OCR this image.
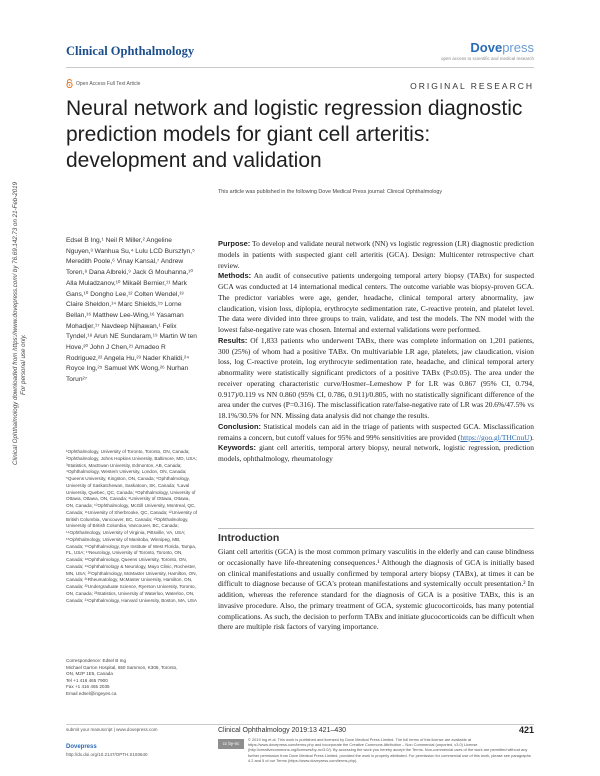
Clinical Ophthalmology	Dovepress
open access to scientific and medical research
Open Access Full Text Article	ORIGINAL RESEARCH
Neural network and logistic regression diagnostic prediction models for giant cell arteritis: development and validation
Clinical Ophthalmology downloaded from https://www.dovepress.com/ by 76.69.142.73 on 21-Feb-2019 For personal use only.
This article was published in the following Dove Medical Press journal: Clinical Ophthalmology
Edsel B Ing,¹ Neil R Miller,² Angeline Nguyen,³ Wanhua Su,⁴ Lulu LCD Bursztyn,⁵ Meredith Poole,⁶ Vinay Kansal,⁷ Andrew Toren,⁸ Dana Albreki,⁹ Jack G Mouhanna,¹⁰ Alla Muladzanov,¹⁰ Mikaël Bernier,¹¹ Mark Gans,¹⁰ Dongho Lee,¹² Colten Wendel,¹³ Claire Sheldon,¹⁴ Marc Shields,¹⁵ Lorne Bellan,¹⁶ Matthew Lee-Wing,¹⁶ Yasaman Mohadjer,¹⁷ Navdeep Nijhawan,¹ Felix Tyndel,¹⁸ Arun NE Sundaram,¹⁹ Martin W ten Hove,²⁰ John J Chen,²¹ Amadeo R Rodriguez,²² Angela Hu,²³ Nader Khalidi,²⁴ Royce Ing,²⁵ Samuel WK Wong,²⁶ Nurhan Torun²⁷
¹Ophthalmology, University of Toronto, Toronto, ON, Canada; ²Ophthalmology, Johns Hopkins University, Baltimore, MD, USA; ³Statistics, MacEwan University, Edmonton, AB, Canada; ⁴Ophthalmology, Western University, London, ON, Canada; ⁵Queens University, Kingston, ON, Canada; ⁶Ophthalmology, University of Saskatchewan, Saskatoon, SK, Canada; ⁷Laval University, Quebec, QC, Canada; ⁸Ophthalmology, University of Ottawa, Ottawa, ON, Canada; ⁹University of Ottawa, Ottawa, ON, Canada; ¹⁰Ophthalmology, McGill University, Montreal, QC, Canada; ¹¹University of Sherbrooke, QC, Canada; ¹²University of British Columbia, Vancouver, BC, Canada; ¹³Ophthalmology, University of British Columbia, Vancouver, BC, Canada; ¹⁴Ophthalmology, University of Virginia, Pittsville, VA, USA; ¹⁵Ophthalmology, University of Manitoba, Winnipeg, MB, Canada; ¹⁶Ophthalmology, Eye Institute of West Florida, Tampa, FL, USA; ¹⁷Neurology, University of Toronto, Toronto, ON, Canada; ¹⁸Ophthalmology, Queens University, Toronto, ON, Canada; ¹⁹Ophthalmology & Neurology, Mayo Clinic, Rochester, MN, USA; ²⁰Ophthalmology, McMaster University, Hamilton, ON, Canada; ²¹Rheumatology, McMaster University, Hamilton, ON, Canada; ²²Undergraduate Science, Ryerson University, Toronto, ON, Canada; ²³Statistics, University of Waterloo, Waterloo, ON, Canada; ²⁴Ophthalmology, Harvard University, Boston, MA, USA
Correspondence: Edsel B Ing
Michael Garron Hospital, 650 Sammon, K306, Toronto,
ON, M2P 1E5, Canada
Tel +1 416 465 7900
Fax +1 416 465 2035
Email edsel@ingeyes.ca

Purpose: To develop and validate neural network (NN) vs logistic regression (LR) diagnostic prediction models in patients with suspected giant cell arteritis (GCA). Design: Multicenter retrospective chart review.

Methods: An audit of consecutive patients undergoing temporal artery biopsy (TABx) for suspected GCA was conducted at 14 international medical centers. The outcome variable was biopsy-proven GCA. The predictor variables were age, gender, headache, clinical temporal artery abnormality, jaw claudication, vision loss, diplopia, erythrocyte sedimentation rate, C-reactive protein, and platelet level. The data were divided into three groups to train, validate, and test the models. The NN model with the lowest false-negative rate was chosen. Internal and external validations were performed.

Results: Of 1,833 patients who underwent TABx, there was complete information on 1,201 patients, 300 (25%) of whom had a positive TABx. On multivariable LR age, platelets, jaw claudication, vision loss, log C-reactive protein, log erythrocyte sedimentation rate, headache, and clinical temporal artery abnormality were statistically significant predictors of a positive TABx (P≤0.05). The area under the receiver operating characteristic curve/Hosmer–Lemeshow P for LR was 0.867 (95% CI, 0.794, 0.917)/0.119 vs NN 0.860 (95% CI, 0.786, 0.911)/0.805, with no statistically significant difference of the area under the curves (P=0.316). The misclassification rate/false-negative rate of LR was 20.6%/47.5% vs 18.1%/30.5% for NN. Missing data analysis did not change the results.

Conclusion: Statistical models can aid in the triage of patients with suspected GCA. Misclassification remains a concern, but cutoff values for 95% and 99% sensitivities are provided (https://goo.gl/THCnuU).

Keywords: giant cell arteritis, temporal artery biopsy, neural network, logistic regression, prediction models, ophthalmology, rheumatology

Introduction

Giant cell arteritis (GCA) is the most common primary vasculitis in the elderly and can cause blindness or occasionally have life-threatening consequences.¹ Although the diagnosis of GCA is initially based on clinical manifestations and usually confirmed by temporal artery biopsy (TABx), at times it can be difficult to diagnose because of GCA's protean manifestations and systemically occult presentation.² In addition, whereas the reference standard for the diagnosis of GCA is a positive TABx, this is an invasive procedure. Also, the primary treatment of GCA, systemic glucocorticoids, has many potential complications. As such, the decision to perform TABx and initiate glucocorticoids can be difficult when there are multiple risk factors of varying importance.

submit your manuscript | www.dovepress.com
Dovepress
http://dx.doi.org/10.2147/OPTH.S193640
Clinical Ophthalmology 2019:13 421–430	421
cc by-nc
© 2019 Ing et al. This work is published and licensed by Dove Medical Press Limited. The full terms of this license are available at https://www.dovepress.com/terms.php and incorporate the Creative Commons Attribution – Non Commercial (unported, v3.0) License (http://creativecommons.org/licenses/by-nc/3.0/). By accessing the work you hereby accept the Terms. Non-commercial uses of the work are permitted without any further permission from Dove Medical Press Limited, provided the work is properly attributed. For permission for commercial use of this work, please see paragraphs 4.2 and 5 of our Terms (https://www.dovepress.com/terms.php).
